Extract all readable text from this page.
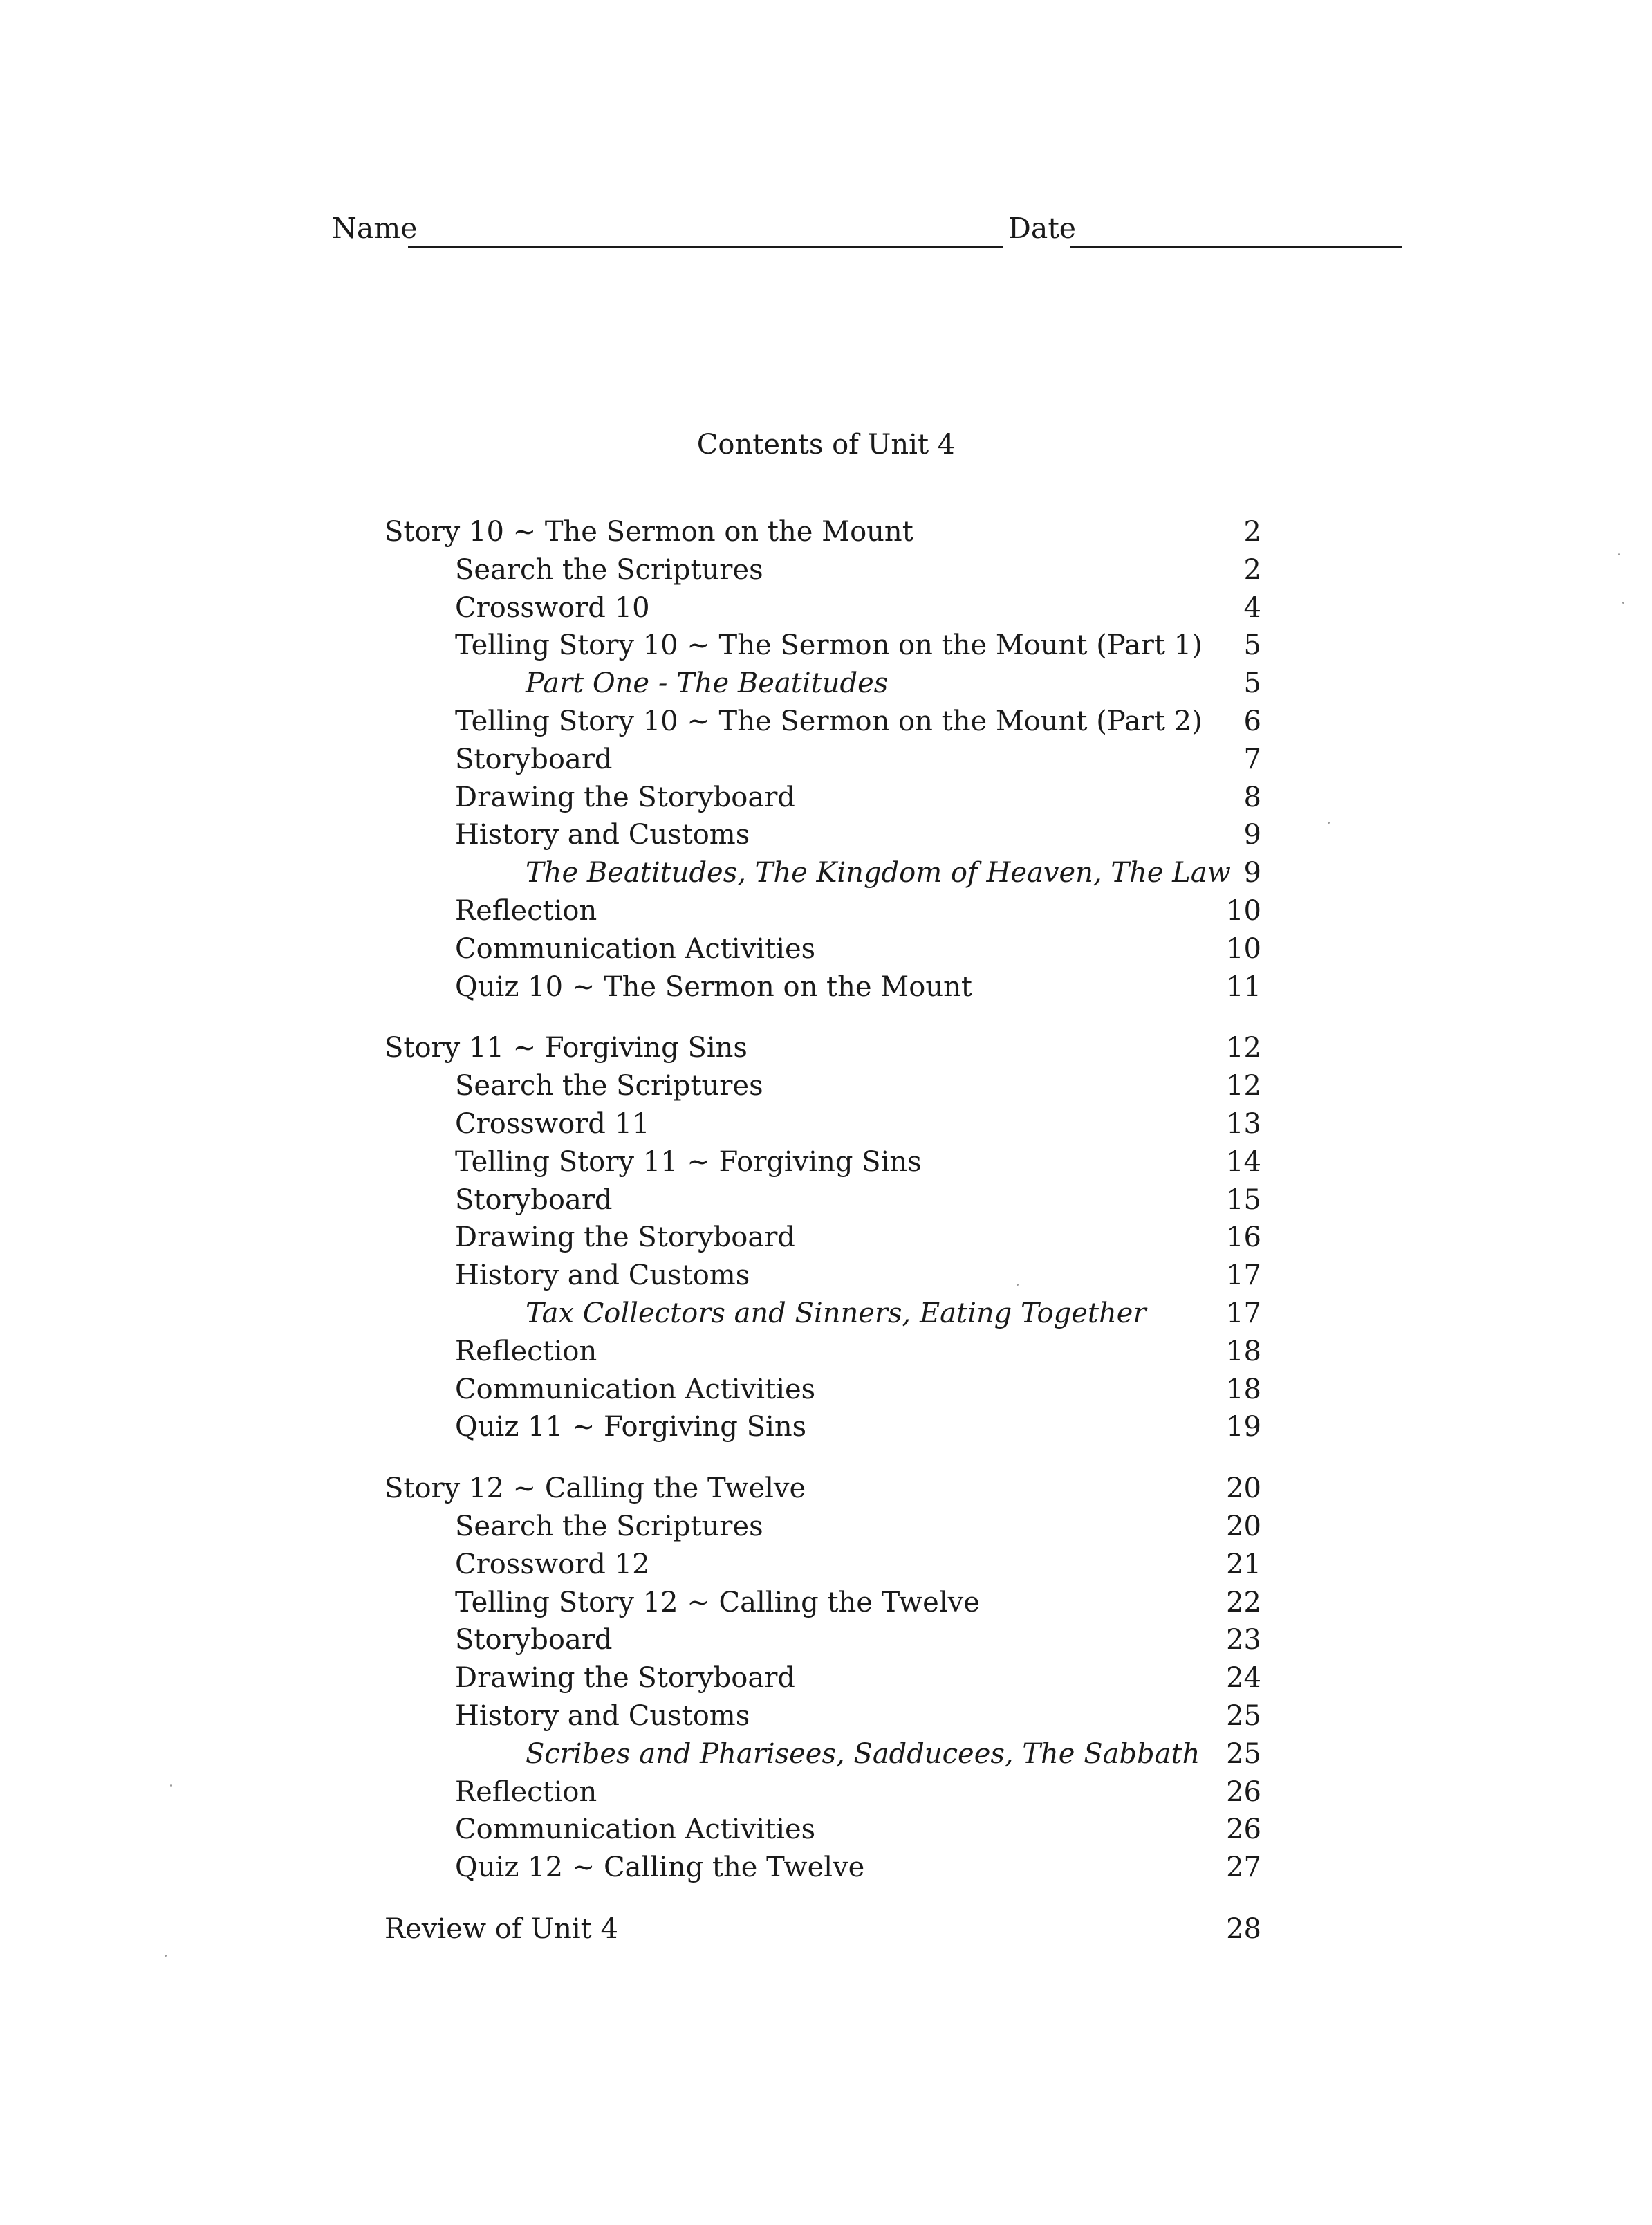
Name	Date
Contents of Unit 4
Story 10 ~ The Sermon on the Mount	2
Search the Scriptures	2
Crossword 10	4
Telling Story 10 ~ The Sermon on the Mount (Part 1)	5
Part One - The Beatitudes	5
Telling Story 10 ~ The Sermon on the Mount (Part 2)	6
Storyboard	7
Drawing the Storyboard	8
History and Customs	9
The Beatitudes, The Kingdom of Heaven, The Law 9
Reflection	10
Communication Activities	10
Quiz 10 ~ The Sermon on the Mount	11
Story 11 ~ Forgiving Sins	12
Search the Scriptures	12
Crossword 11	13
Telling Story 11 ~ Forgiving Sins	14
Storyboard	15
Drawing the Storyboard	16
History and Customs	17
Tax Collectors and Sinners, Eating Together	17
Reflection	18
Communication Activities	18
Quiz 11 ~ Forgiving Sins	19
Story 12 ~ Calling the Twelve	20
Search the Scriptures	20
Crossword 12	21
Telling Story 12 ~ Calling the Twelve	22
Storyboard	23
Drawing the Storyboard	24
History and Customs	25
Scribes and Pharisees, Sadducees, The Sabbath 25
Reflection	26
Communication Activities	26
Quiz 12 ~ Calling the Twelve	27
Review of Unit 4	28
